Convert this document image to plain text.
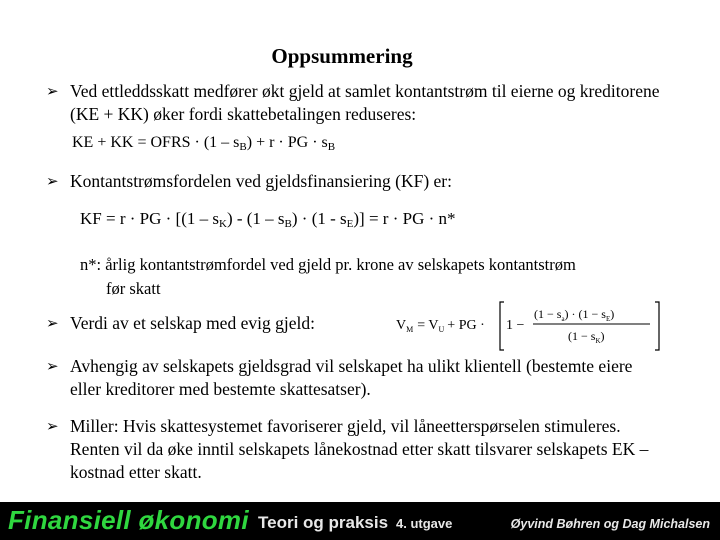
Oppsummering
➢ Ved ettleddsskatt medfører økt gjeld at samlet kontantstrøm til eierne og kreditorene (KE + KK) øker fordi skattebetalingen reduseres:
KE + KK = OFRS · $(1 - s_B) + r$ · PG · $s_B$
➢ Kontantstrømsfordelen ved gjeldsfinansiering (KF) er:
KF = r · PG · $[(1 - s_K) - (1 - s_B) \cdot (1 - s_E)] = r$ · PG · n*
n*: årlig kontantstrømfordel ved gjeld pr. krone av selskapets kontantstrøm
før skatt
➢ Verdi av et selskap med evig gjeld:	$V_M = V_U$ + PG · 1 −
$(1 - s_a) \cdot (1 - s_E)$
$(1 - s_K)$
➢ Avhengig av selskapets gjeldsgrad vil selskapet ha ulikt klientell (bestemte eiere eller kreditorer med bestemte skattesatser).
➢ Miller: Hvis skattesystemet favoriserer gjeld, vil låneetterspørselen stimuleres. Renten vil da øke inntil selskapets lånekostnad etter skatt tilsvarer selskapets EK – kostnad etter skatt.
Finansiell økonomi Teori og praksis 4. utgave	Øyvind Bøhren og Dag Michalsen
